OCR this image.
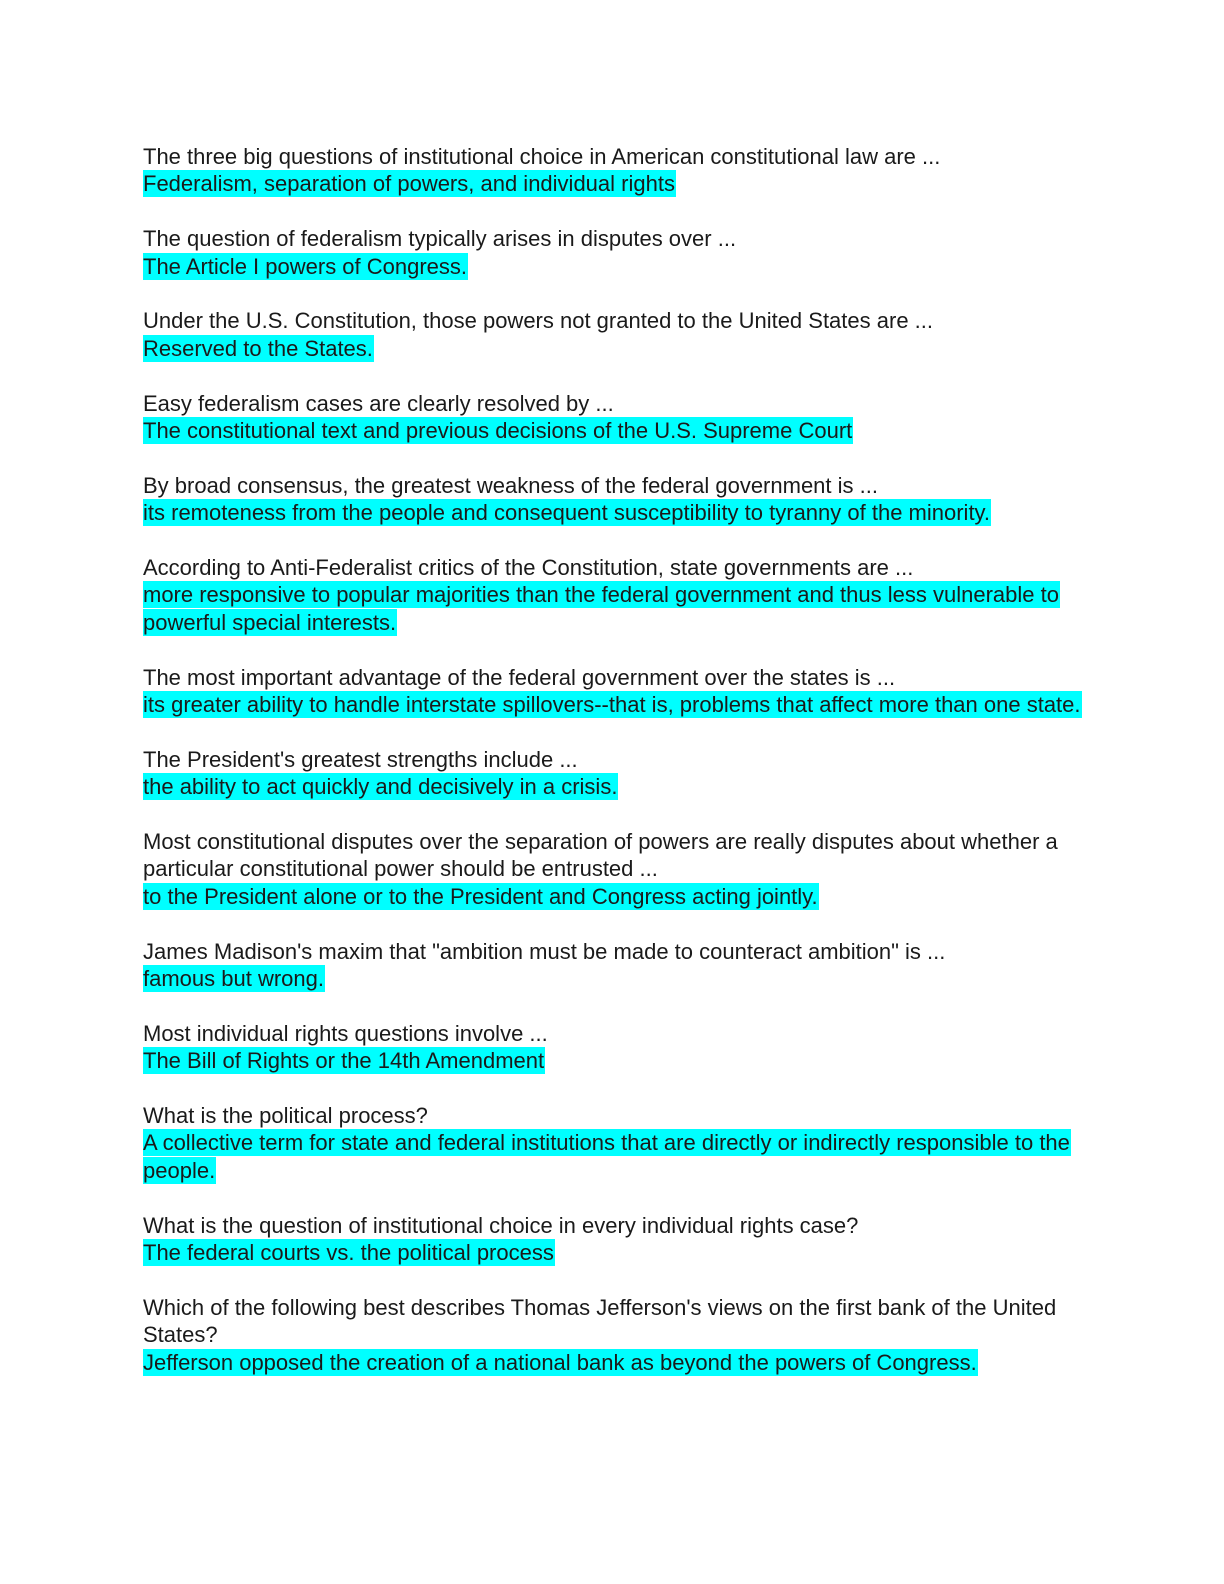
The three big questions of institutional choice in American constitutional law are ...
Federalism, separation of powers, and individual rights
The question of federalism typically arises in disputes over ...
The Article I powers of Congress.
Under the U.S. Constitution, those powers not granted to the United States are ...
Reserved to the States.
Easy federalism cases are clearly resolved by ...
The constitutional text and previous decisions of the U.S. Supreme Court
By broad consensus, the greatest weakness of the federal government is ...
its remoteness from the people and consequent susceptibility to tyranny of the minority.
According to Anti-Federalist critics of the Constitution, state governments are ...
more responsive to popular majorities than the federal government and thus less vulnerable to powerful special interests.
The most important advantage of the federal government over the states is ...
its greater ability to handle interstate spillovers--that is, problems that affect more than one state.
The President's greatest strengths include ...
the ability to act quickly and decisively in a crisis.
Most constitutional disputes over the separation of powers are really disputes about whether a particular constitutional power should be entrusted ...
to the President alone or to the President and Congress acting jointly.
James Madison's maxim that "ambition must be made to counteract ambition" is ...
famous but wrong.
Most individual rights questions involve ...
The Bill of Rights or the 14th Amendment
What is the political process?
A collective term for state and federal institutions that are directly or indirectly responsible to the people.
What is the question of institutional choice in every individual rights case?
The federal courts vs. the political process
Which of the following best describes Thomas Jefferson's views on the first bank of the United States?
Jefferson opposed the creation of a national bank as beyond the powers of Congress.
